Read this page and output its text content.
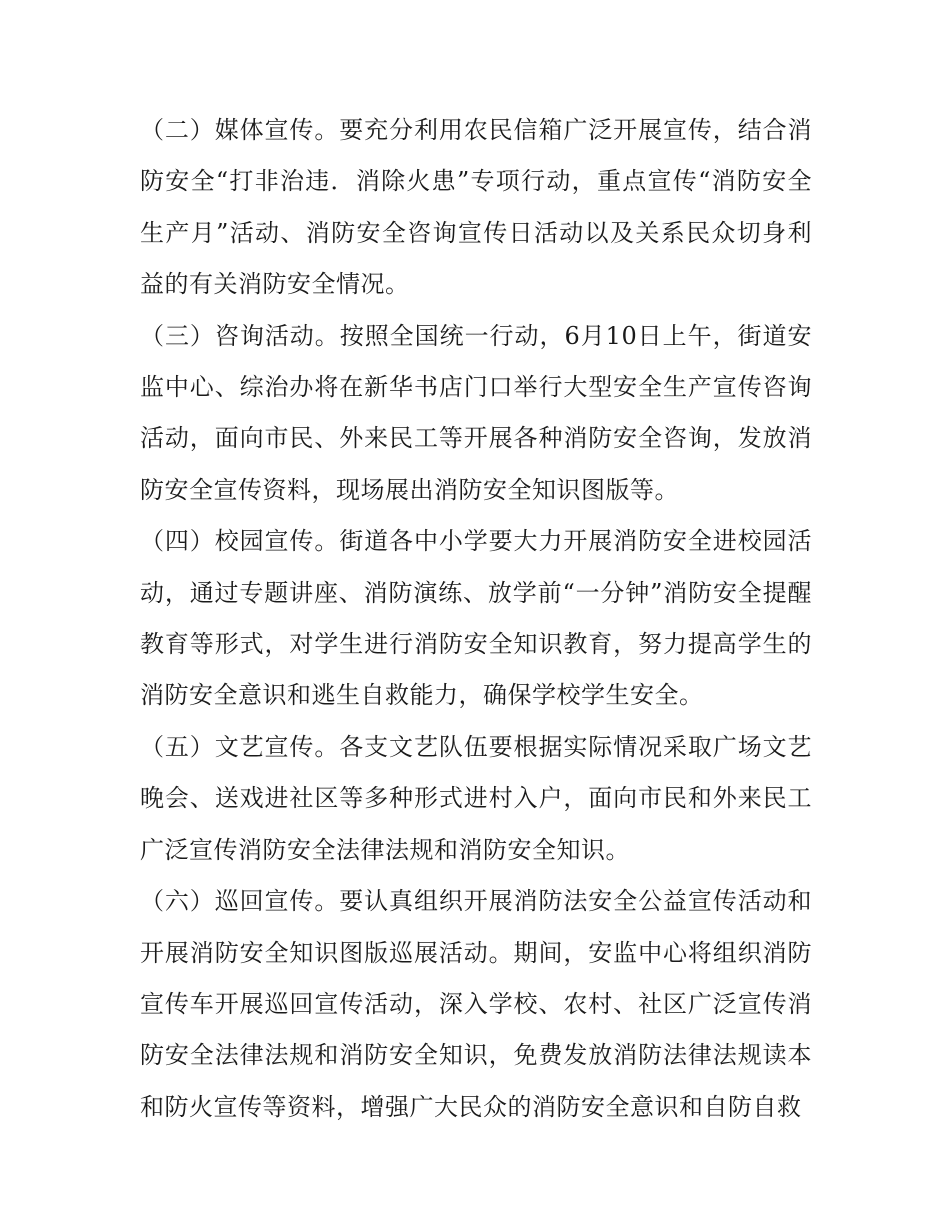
（二）媒体宣传。要充分利用农民信箱广泛开展宣传，结合消防安全“打非治违．消除火患”专项行动，重点宣传“消防安全生产月”活动、消防安全咨询宣传日活动以及关系民众切身利益的有关消防安全情况。

（三）咨询活动。按照全国统一行动，6月10日上午，街道安监中心、综治办将在新华书店门口举行大型安全生产宣传咨询活动，面向市民、外来民工等开展各种消防安全咨询，发放消防安全宣传资料，现场展出消防安全知识图版等。

（四）校园宣传。街道各中小学要大力开展消防安全进校园活动，通过专题讲座、消防演练、放学前“一分钟”消防安全提醒教育等形式，对学生进行消防安全知识教育，努力提高学生的消防安全意识和逃生自救能力，确保学校学生安全。

（五）文艺宣传。各支文艺队伍要根据实际情况采取广场文艺晚会、送戏进社区等多种形式进村入户，面向市民和外来民工广泛宣传消防安全法律法规和消防安全知识。

（六）巡回宣传。要认真组织开展消防法安全公益宣传活动和开展消防安全知识图版巡展活动。期间，安监中心将组织消防宣传车开展巡回宣传活动，深入学校、农村、社区广泛宣传消防安全法律法规和消防安全知识，免费发放消防法律法规读本和防火宣传等资料，增强广大民众的消防安全意识和自防自救
